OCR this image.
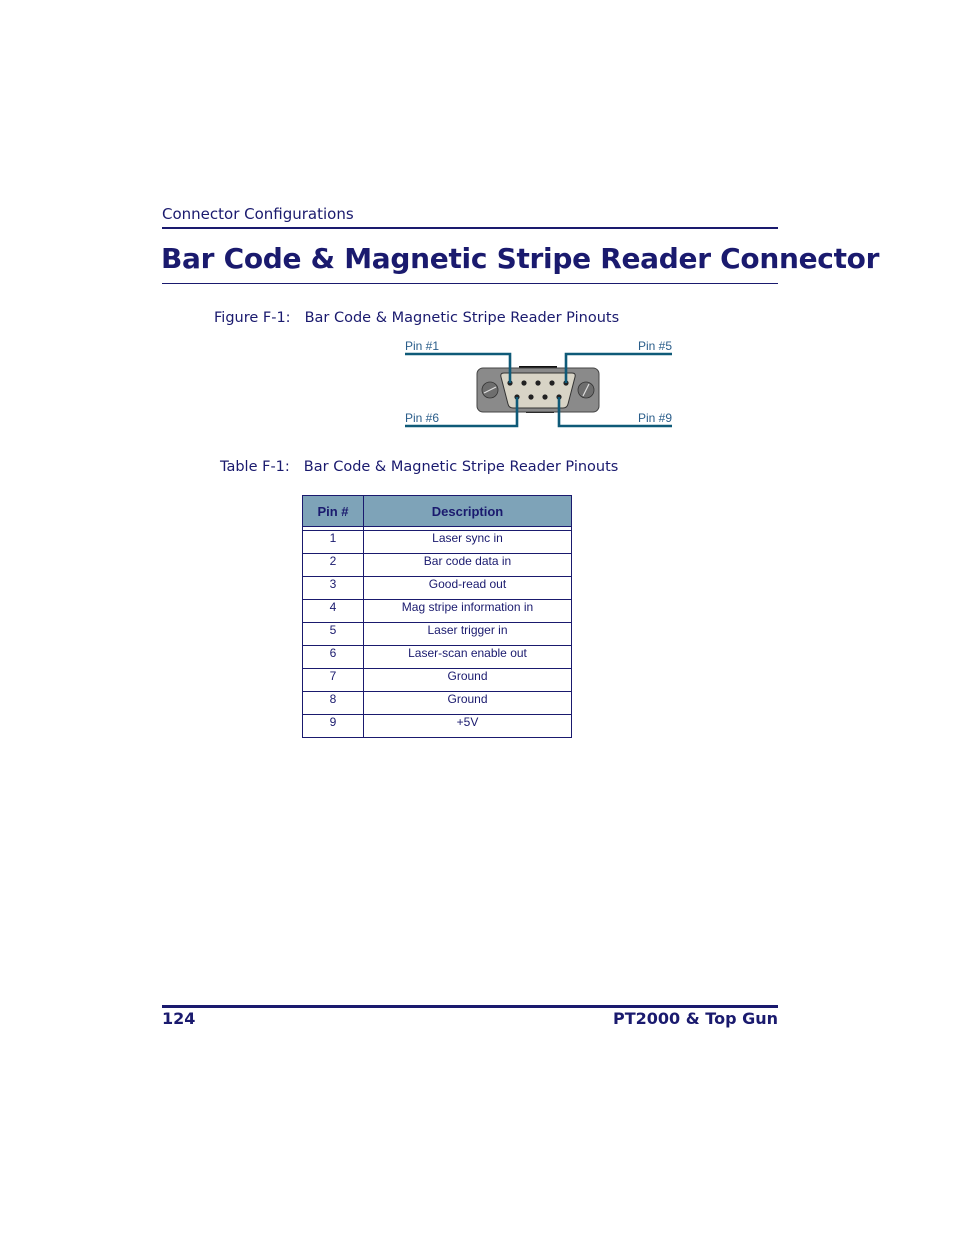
Connector Configurations
Bar Code & Magnetic Stripe Reader Connector
Figure F-1: Bar Code & Magnetic Stripe Reader Pinouts
Pin #1	Pin #5
Pin #6	Pin #9
Table F-1: Bar Code & Magnetic Stripe Reader Pinouts
Pin #	Description

1	Laser sync in
2	Bar code data in
3	Good-read out
4	Mag stripe information in
5	Laser trigger in
6	Laser-scan enable out
7	Ground
8	Ground
9	+5V
124	PT2000 & Top Gun
